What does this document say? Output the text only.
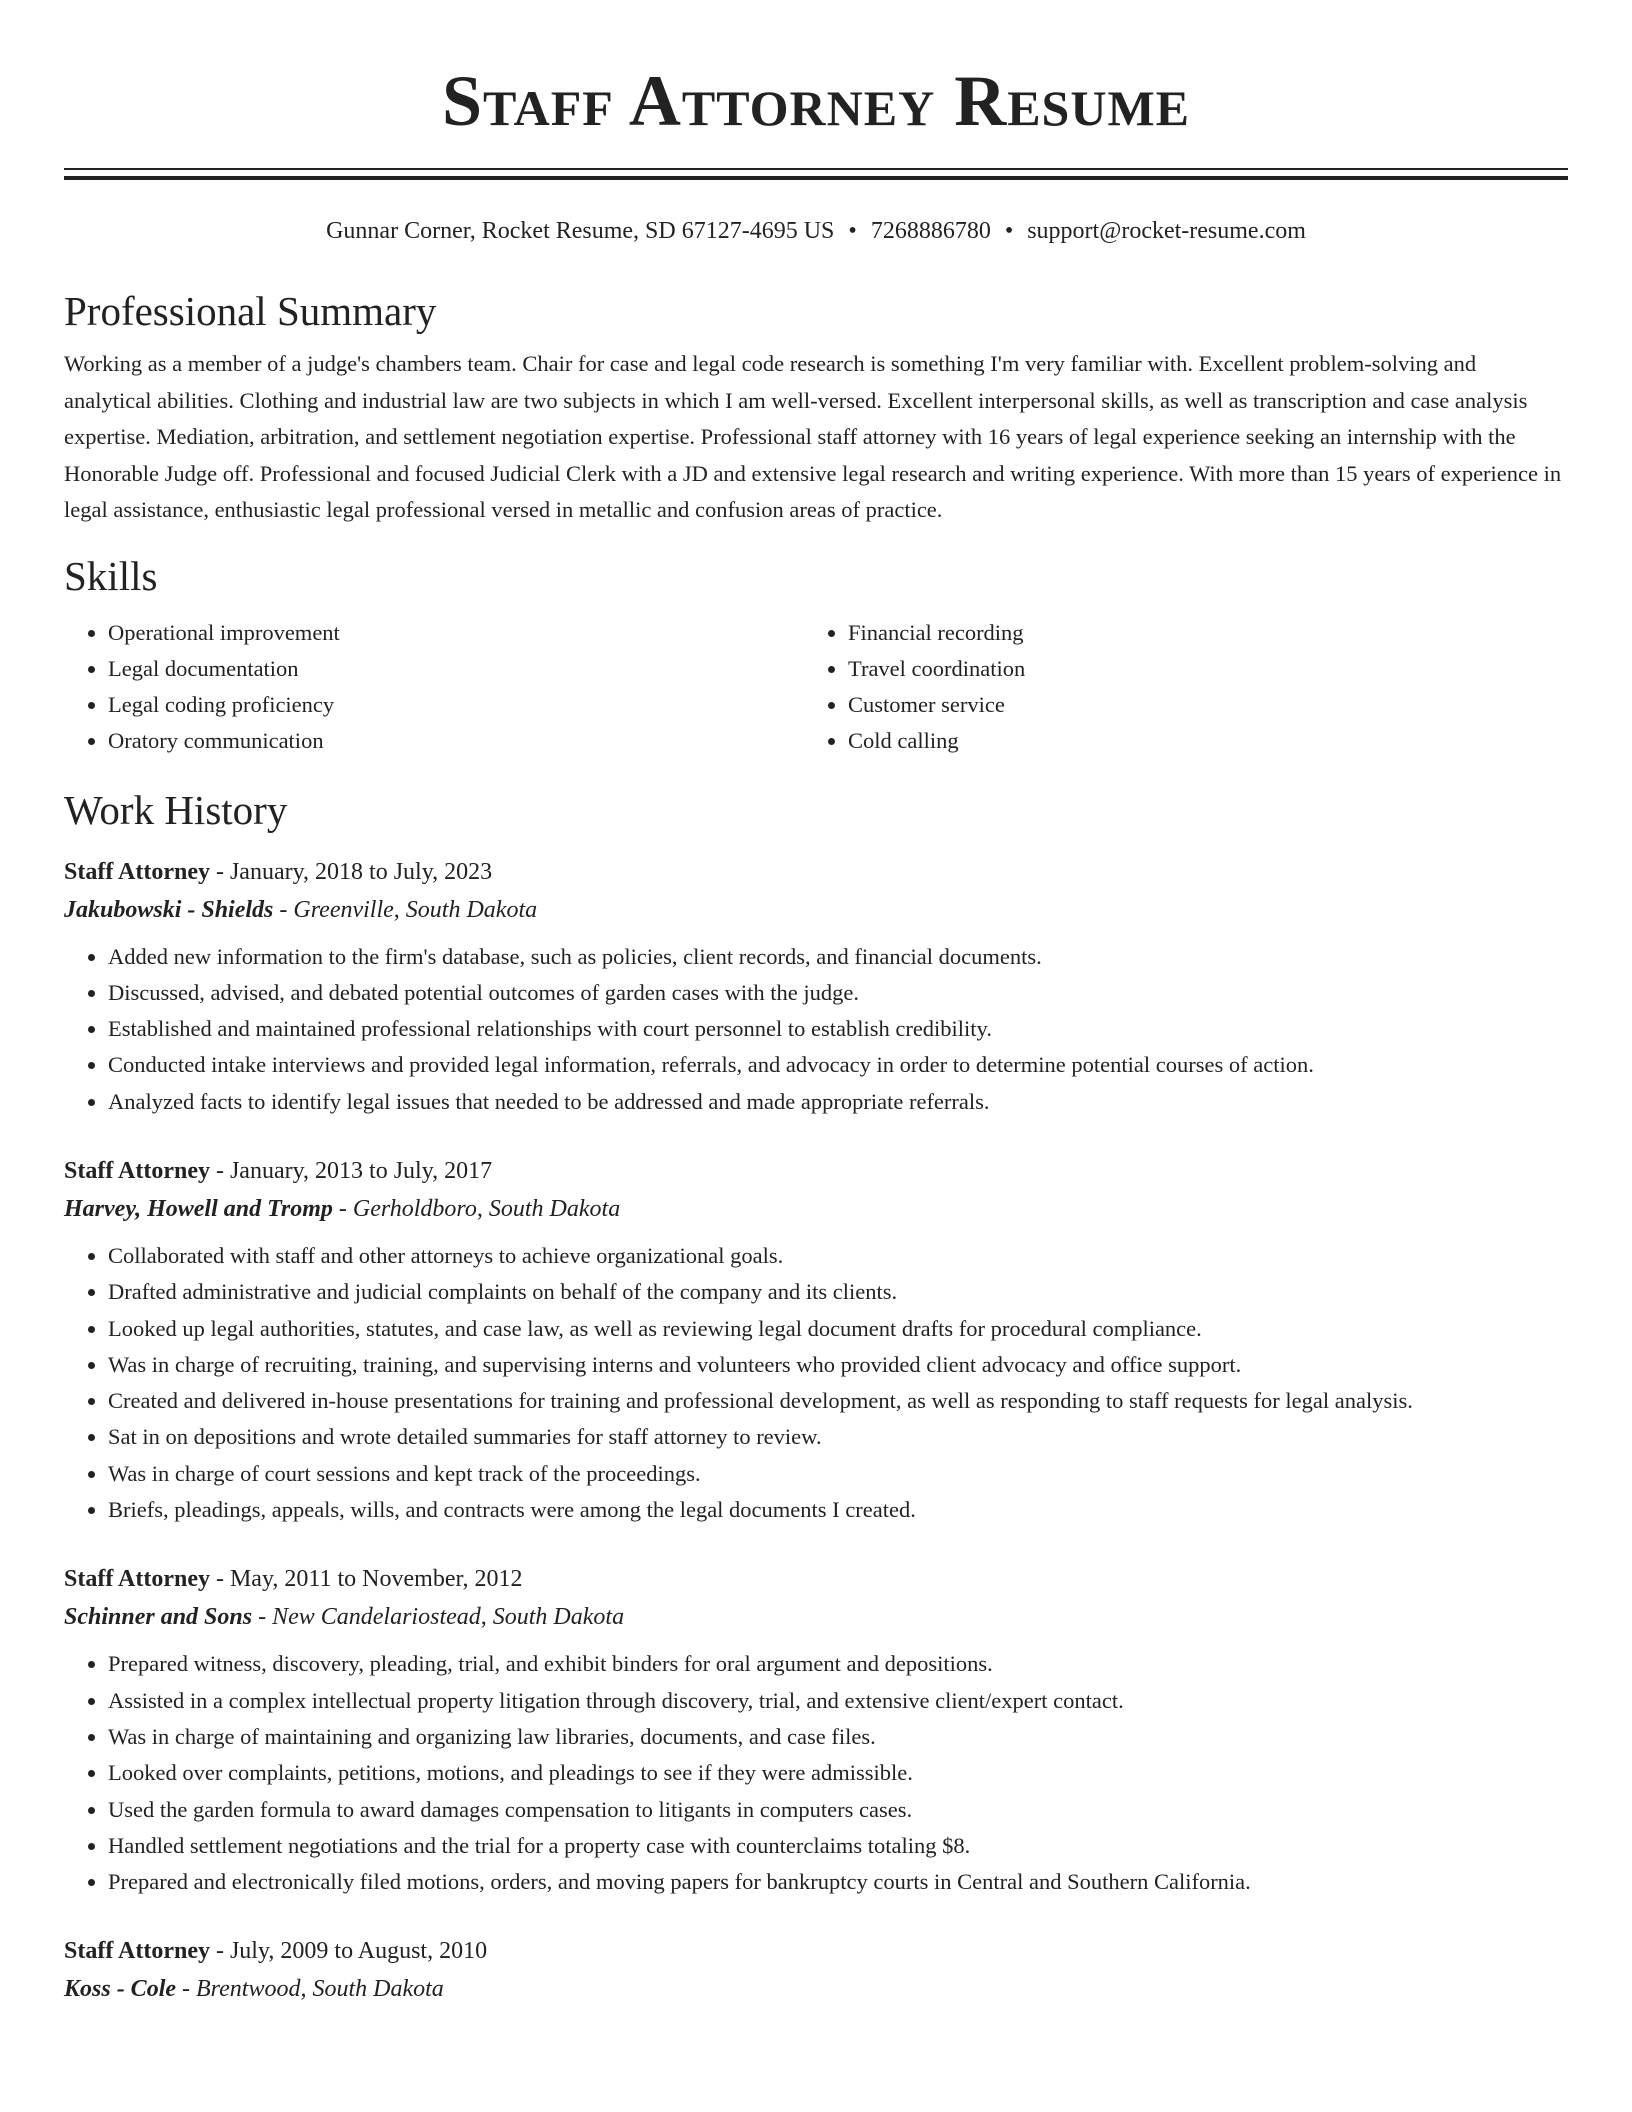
Staff Attorney Resume
Gunnar Corner, Rocket Resume, SD 67127-4695 US • 7268886780 • support@rocket-resume.com
Professional Summary

Working as a member of a judge's chambers team. Chair for case and legal code research is something I'm very familiar with. Excellent problem-solving and analytical abilities. Clothing and industrial law are two subjects in which I am well-versed. Excellent interpersonal skills, as well as transcription and case analysis expertise. Mediation, arbitration, and settlement negotiation expertise. Professional staff attorney with 16 years of legal experience seeking an internship with the Honorable Judge off. Professional and focused Judicial Clerk with a JD and extensive legal research and writing experience. With more than 15 years of experience in legal assistance, enthusiastic legal professional versed in metallic and confusion areas of practice.

Skills
• Operational improvement
• Legal documentation
• Legal coding proficiency
• Oratory communication
• Financial recording
• Travel coordination
• Customer service
• Cold calling
Work History
Staff Attorney - January, 2018 to July, 2023
Jakubowski - Shields - Greenville, South Dakota
• Added new information to the firm's database, such as policies, client records, and financial documents.
• Discussed, advised, and debated potential outcomes of garden cases with the judge.
• Established and maintained professional relationships with court personnel to establish credibility.
• Conducted intake interviews and provided legal information, referrals, and advocacy in order to determine potential courses of action.
• Analyzed facts to identify legal issues that needed to be addressed and made appropriate referrals.
Staff Attorney - January, 2013 to July, 2017
Harvey, Howell and Tromp - Gerholdboro, South Dakota
• Collaborated with staff and other attorneys to achieve organizational goals.
• Drafted administrative and judicial complaints on behalf of the company and its clients.
• Looked up legal authorities, statutes, and case law, as well as reviewing legal document drafts for procedural compliance.
• Was in charge of recruiting, training, and supervising interns and volunteers who provided client advocacy and office support.
• Created and delivered in-house presentations for training and professional development, as well as responding to staff requests for legal analysis.
• Sat in on depositions and wrote detailed summaries for staff attorney to review.
• Was in charge of court sessions and kept track of the proceedings.
• Briefs, pleadings, appeals, wills, and contracts were among the legal documents I created.
Staff Attorney - May, 2011 to November, 2012
Schinner and Sons - New Candelariostead, South Dakota
• Prepared witness, discovery, pleading, trial, and exhibit binders for oral argument and depositions.
• Assisted in a complex intellectual property litigation through discovery, trial, and extensive client/expert contact.
• Was in charge of maintaining and organizing law libraries, documents, and case files.
• Looked over complaints, petitions, motions, and pleadings to see if they were admissible.
• Used the garden formula to award damages compensation to litigants in computers cases.
• Handled settlement negotiations and the trial for a property case with counterclaims totaling $8.
• Prepared and electronically filed motions, orders, and moving papers for bankruptcy courts in Central and Southern California.
Staff Attorney - July, 2009 to August, 2010
Koss - Cole - Brentwood, South Dakota
